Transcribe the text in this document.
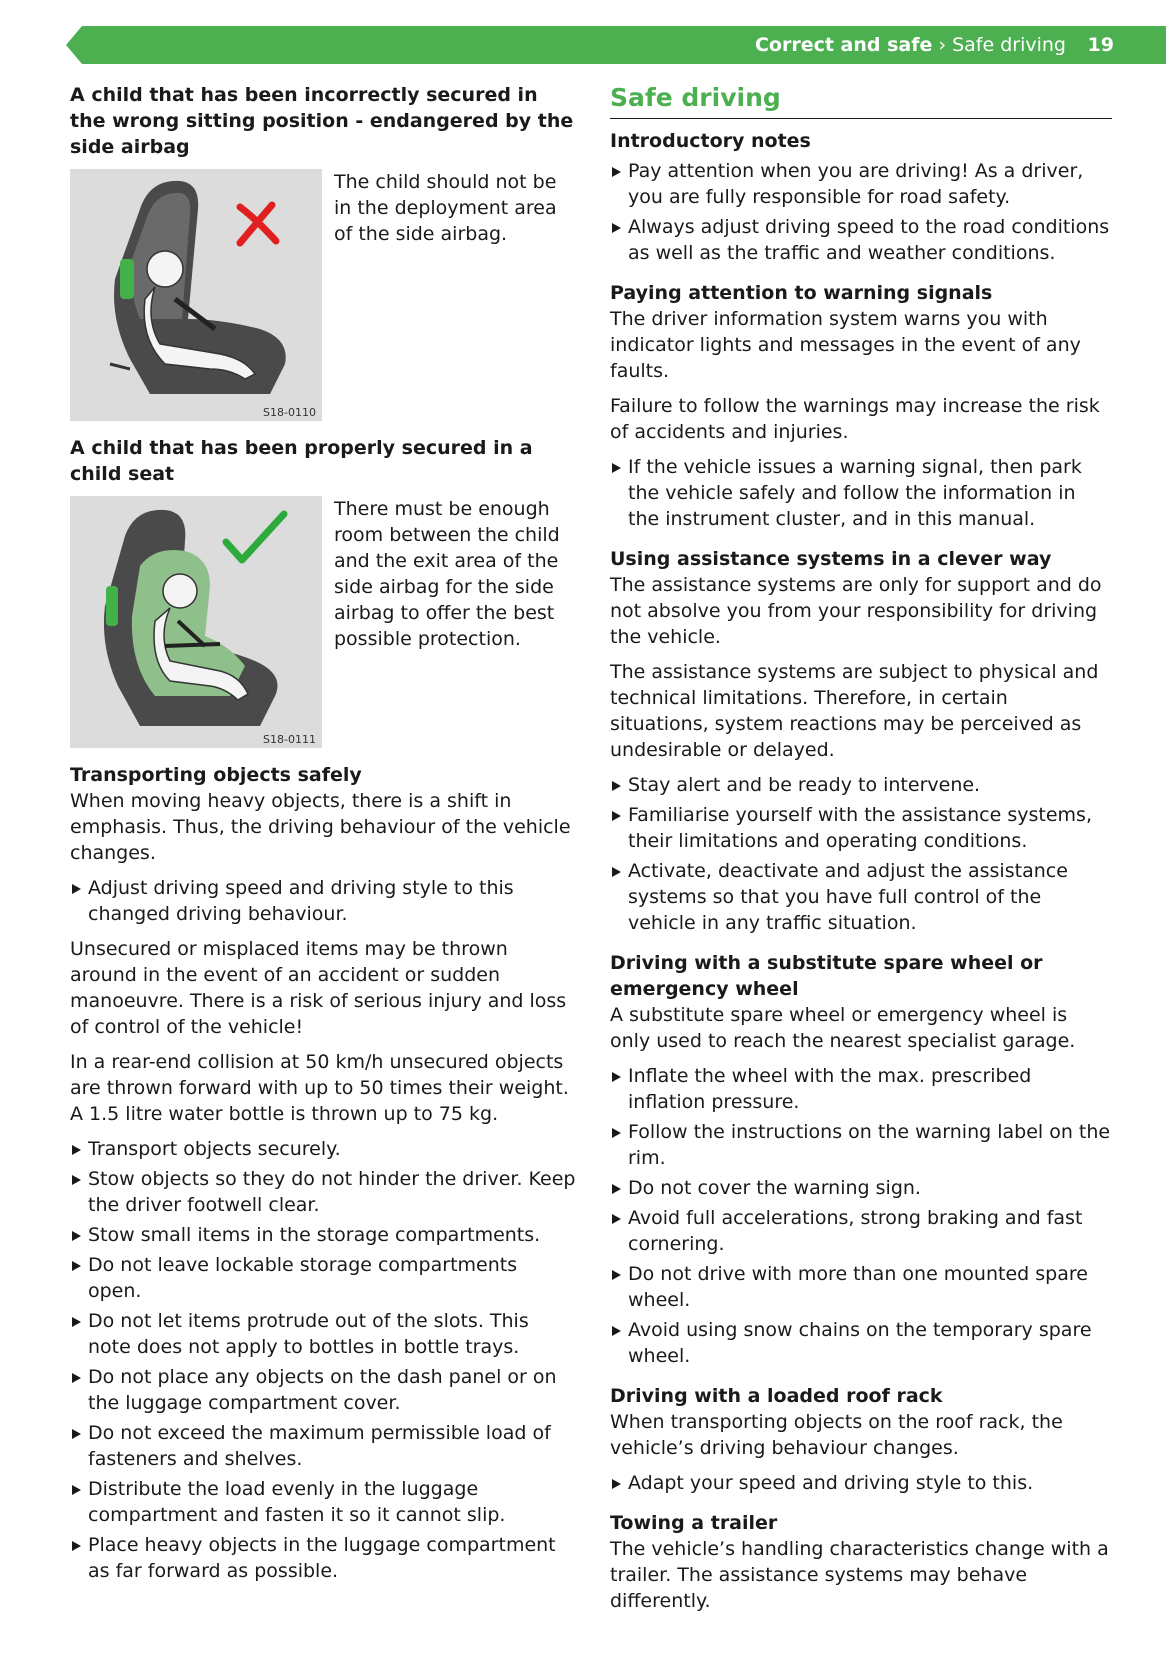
Correct and safe › Safe driving 19
A child that has been incorrectly secured in the wrong sitting position - endangered by the side airbag
S18-0110

The child should not be in the deployment area of the side airbag.

A child that has been properly secured in a child seat
S18-0111

There must be enough room between the child and the exit area of the side airbag for the side airbag to offer the best possible protection.

Transporting objects safely

When moving heavy objects, there is a shift in emphasis. Thus, the driving behaviour of the vehicle changes.

Adjust driving speed and driving style to this changed driving behaviour.

Unsecured or misplaced items may be thrown around in the event of an accident or sudden manoeuvre. There is a risk of serious injury and loss of control of the vehicle!

In a rear-end collision at 50 km/h unsecured objects are thrown forward with up to 50 times their weight. A 1.5 litre water bottle is thrown up to 75 kg.

Transport objects securely.
Stow objects so they do not hinder the driver. Keep the driver footwell clear.
Stow small items in the storage compartments.
Do not leave lockable storage compartments open.
Do not let items protrude out of the slots. This note does not apply to bottles in bottle trays.
Do not place any objects on the dash panel or on the luggage compartment cover.
Do not exceed the maximum permissible load of fasteners and shelves.
Distribute the load evenly in the luggage compartment and fasten it so it cannot slip.
Place heavy objects in the luggage compartment as far forward as possible.
Safe driving
Introductory notes
Pay attention when you are driving! As a driver, you are fully responsible for road safety.
Always adjust driving speed to the road conditions as well as the traffic and weather conditions.
Paying attention to warning signals

The driver information system warns you with indicator lights and messages in the event of any faults.

Failure to follow the warnings may increase the risk of accidents and injuries.

If the vehicle issues a warning signal, then park the vehicle safely and follow the information in the instrument cluster, and in this manual.
Using assistance systems in a clever way

The assistance systems are only for support and do not absolve you from your responsibility for driving the vehicle.

The assistance systems are subject to physical and technical limitations. Therefore, in certain situations, system reactions may be perceived as undesirable or delayed.

Stay alert and be ready to intervene.
Familiarise yourself with the assistance systems, their limitations and operating conditions.
Activate, deactivate and adjust the assistance systems so that you have full control of the vehicle in any traffic situation.
Driving with a substitute spare wheel or emergency wheel

A substitute spare wheel or emergency wheel is only used to reach the nearest specialist garage.

Inflate the wheel with the max. prescribed inflation pressure.
Follow the instructions on the warning label on the rim.
Do not cover the warning sign.
Avoid full accelerations, strong braking and fast cornering.
Do not drive with more than one mounted spare wheel.
Avoid using snow chains on the temporary spare wheel.
Driving with a loaded roof rack

When transporting objects on the roof rack, the vehicle’s driving behaviour changes.

Adapt your speed and driving style to this.
Towing a trailer

The vehicle’s handling characteristics change with a trailer. The assistance systems may behave differently.
